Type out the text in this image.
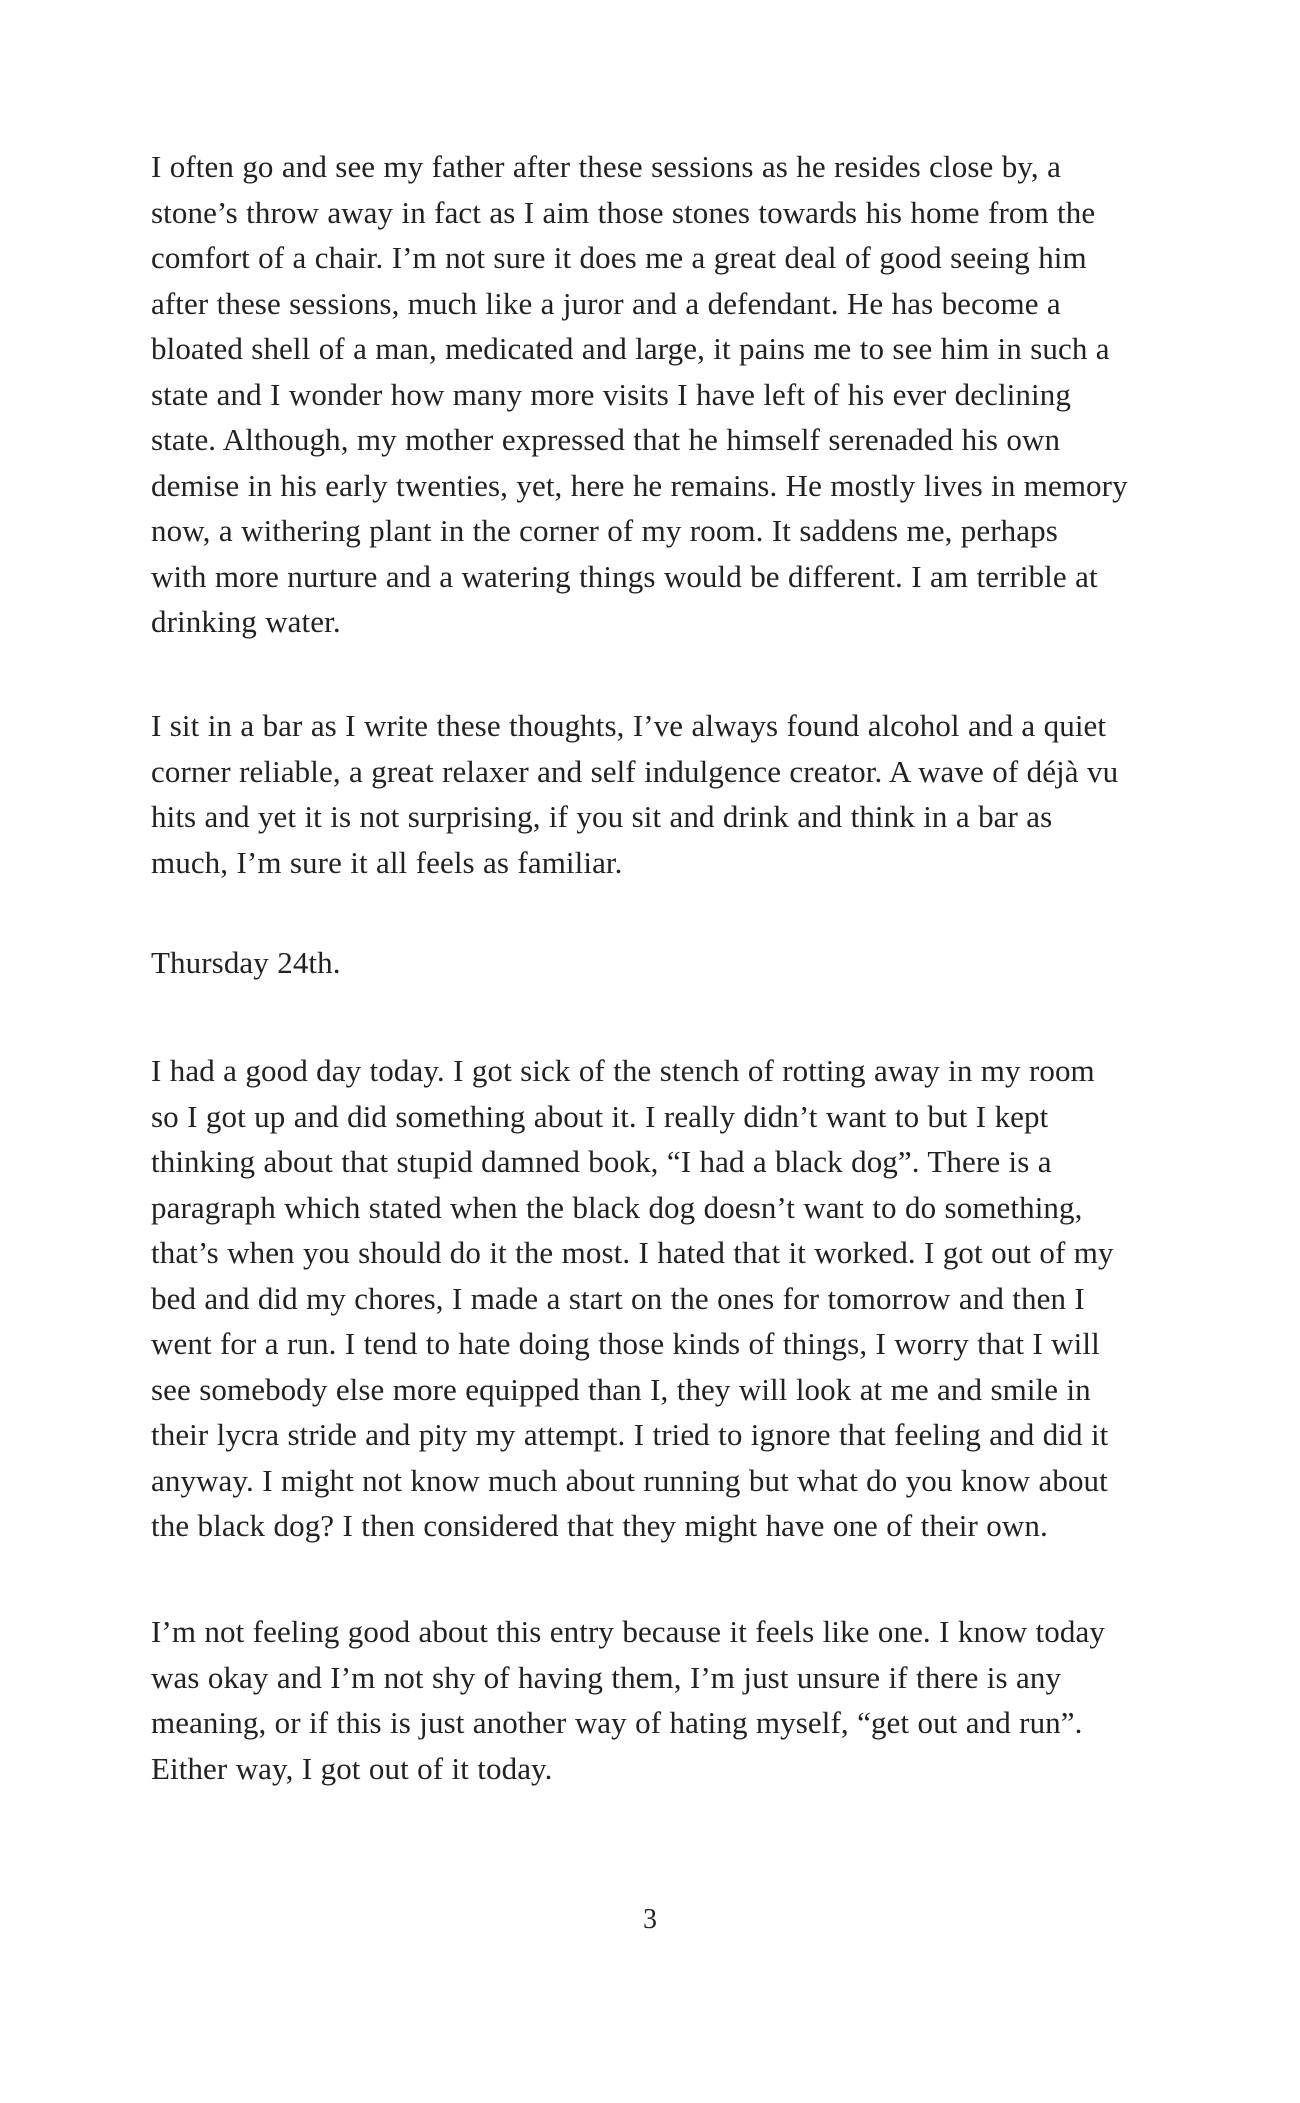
I often go and see my father after these sessions as he resides close by, a
stone’s throw away in fact as I aim those stones towards his home from the
comfort of a chair. I’m not sure it does me a great deal of good seeing him
after these sessions, much like a juror and a defendant. He has become a
bloated shell of a man, medicated and large, it pains me to see him in such a
state and I wonder how many more visits I have left of his ever declining
state. Although, my mother expressed that he himself serenaded his own
demise in his early twenties, yet, here he remains. He mostly lives in memory
now, a withering plant in the corner of my room. It saddens me, perhaps
with more nurture and a watering things would be different. I am terrible at
drinking water.

I sit in a bar as I write these thoughts, I’ve always found alcohol and a quiet
corner reliable, a great relaxer and self indulgence creator. A wave of déjà vu
hits and yet it is not surprising, if you sit and drink and think in a bar as
much, I’m sure it all feels as familiar.

Thursday 24th.

I had a good day today. I got sick of the stench of rotting away in my room
so I got up and did something about it. I really didn’t want to but I kept
thinking about that stupid damned book, “I had a black dog”. There is a
paragraph which stated when the black dog doesn’t want to do something,
that’s when you should do it the most. I hated that it worked. I got out of my
bed and did my chores, I made a start on the ones for tomorrow and then I
went for a run. I tend to hate doing those kinds of things, I worry that I will
see somebody else more equipped than I, they will look at me and smile in
their lycra stride and pity my attempt. I tried to ignore that feeling and did it
anyway. I might not know much about running but what do you know about
the black dog? I then considered that they might have one of their own.

I’m not feeling good about this entry because it feels like one. I know today
was okay and I’m not shy of having them, I’m just unsure if there is any
meaning, or if this is just another way of hating myself, “get out and run”.
Either way, I got out of it today.

3
